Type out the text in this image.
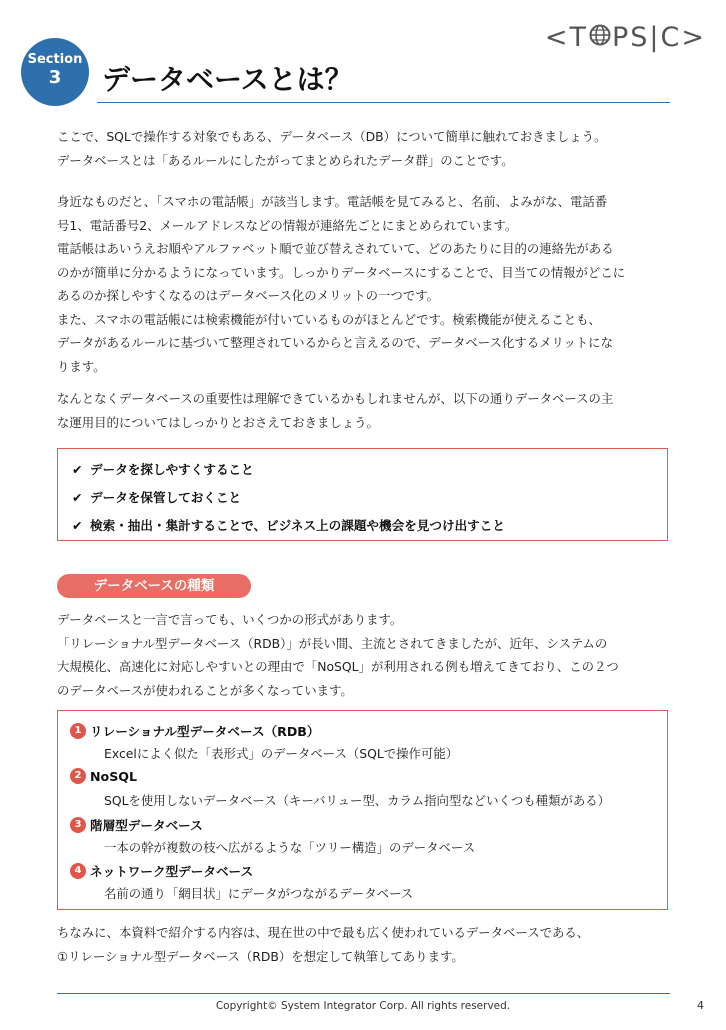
<T PS|C>
Section
3	データベースとは？
ここで、SQLで操作する対象でもある、データベース（DB）について簡単に触れておきましょう。
データベースとは「あるルールにしたがってまとめられたデータ群」のことです。
身近なものだと、「スマホの電話帳」が該当します。電話帳を見てみると、名前、よみがな、電話番
号1、電話番号2、メールアドレスなどの情報が連絡先ごとにまとめられています。
電話帳はあいうえお順やアルファベット順で並び替えされていて、どのあたりに目的の連絡先がある
のかが簡単に分かるようになっています。しっかりデータベースにすることで、目当ての情報がどこに
あるのか探しやすくなるのはデータベース化のメリットの一つです。
また、スマホの電話帳には検索機能が付いているものがほとんどです。検索機能が使えることも、
データがあるルールに基づいて整理されているからと言えるので、データベース化するメリットにな
ります。
なんとなくデータベースの重要性は理解できているかもしれませんが、以下の通りデータベースの主
な運用目的についてはしっかりとおさえておきましょう。
✔ データを探しやすくすること
✔ データを保管しておくこと
✔ 検索・抽出・集計することで、ビジネス上の課題や機会を見つけ出すこと
データベースの種類
データベースと一言で言っても、いくつかの形式があります。
「リレーショナル型データベース（RDB）」が長い間、主流とされてきましたが、近年、システムの
大規模化、高速化に対応しやすいとの理由で「NoSQL」が利用される例も増えてきており、この２つ
のデータベースが使われることが多くなっています。
1 リレーショナル型データベース（RDB）
Excelによく似た「表形式」のデータベース（SQLで操作可能）
2 NoSQL
SQLを使用しないデータベース（キーバリュー型、カラム指向型などいくつも種類がある）
3 階層型データベース
一本の幹が複数の枝へ広がるような「ツリー構造」のデータベース
4 ネットワーク型データベース
名前の通り「網目状」にデータがつながるデータベース
ちなみに、本資料で紹介する内容は、現在世の中で最も広く使われているデータベースである、
①リレーショナル型データベース（RDB）を想定して執筆してあります。
Copyright© System Integrator Corp. All rights reserved.	4
